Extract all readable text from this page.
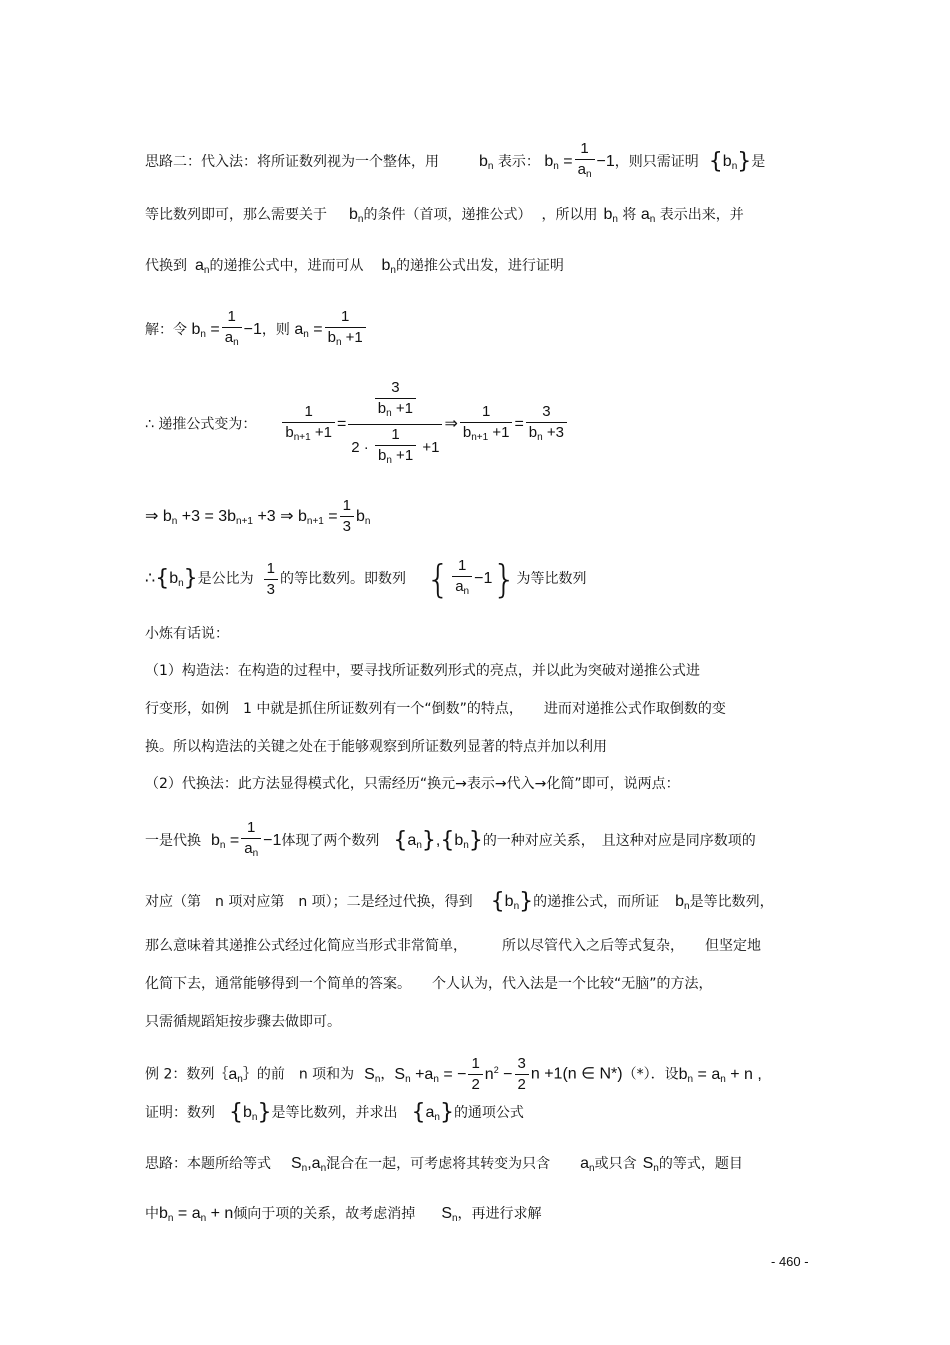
思路二：代入法：将所证数列视为一个整体，用	$b_n$ 表示： $b_n = \frac{1}{a_n} -1$，则只需证明 $\{b_n\}$是
等比数列即可，那么需要关于 $b_n$的条件（首项，递推公式） ，所以用 $b_n$ 将 $a_n$ 表示出来，并
代换到 $a_n$的递推公式中，进而可从 $b_n$的递推公式出发，进行证明
解：令 $b_n = \frac{1}{a_n} -1$，则 $a_n = \frac{1}{b_n +1}$
∴ 递推公式变为： $\frac{1}{b_{n+1} +1} = \frac{\frac{3}{b_n +1}}{2 \cdot \frac{1}{b_n +1} +1}$ ⇒ $\frac{1}{b_{n+1} +1} = \frac{3}{b_n +3}$
⇒ $b_n +3 = 3b_{n+1} +3$ ⇒ $b_{n+1} = \frac{1}{3} b_n$
$\therefore\{b_n\}$是公比为 $\frac{1}{3}$ 的等比数列。即数列 { $\frac{1}{a_n} -1$}为等比数列
小炼有话说：
（1）构造法：在构造的过程中，要寻找所证数列形式的亮点，并以此为突破对递推公式进
行变形，如例　1 中就是抓住所证数列有一个“倒数”的特点，　　进而对递推公式作取倒数的变
换。所以构造法的关键之处在于能够观察到所证数列显著的特点并加以利用
（2）代换法：此方法显得模式化，只需经历“换元→表示→代入→化简”即可，说两点：
一是代换 $b_n = \frac{1}{a_n} -1$体现了两个数列 $\{a_n\},\{b_n\}$的一种对应关系，　且这种对应是同序数项的
对应（第　n 项对应第　n 项）；二是经过代换，得到 $\{b_n\}$的递推公式，而所证 $b_n$是等比数列，
那么意味着其递推公式经过化简应当形式非常简单，　　　所以尽管代入之后等式复杂，　　但坚定地
化简下去，通常能够得到一个简单的答案。　　个人认为，代入法是一个比较“无脑”的方法，
只需循规蹈矩按步骤去做即可。
例 2：数列$\{a_n\}$的前　n 项和为 $S_n$，$S_n +a_n$ = − $\frac{1}{2} n^2 - \frac{3}{2}$ n +1(n ∈ N*)（*）．设$b_n = a_n + n$ ,
证明：数列 $\{b_n\}$是等比数列，并求出 $\{a_n\}$的通项公式
思路：本题所给等式 $S_n,a_n$混合在一起，可考虑将其转变为只含 $a_n$或只含 $S_n$的等式，题目
中$b_n = a_n + n$倾向于项的关系，故考虑消掉 $S_n$，再进行求解
- 460 -
